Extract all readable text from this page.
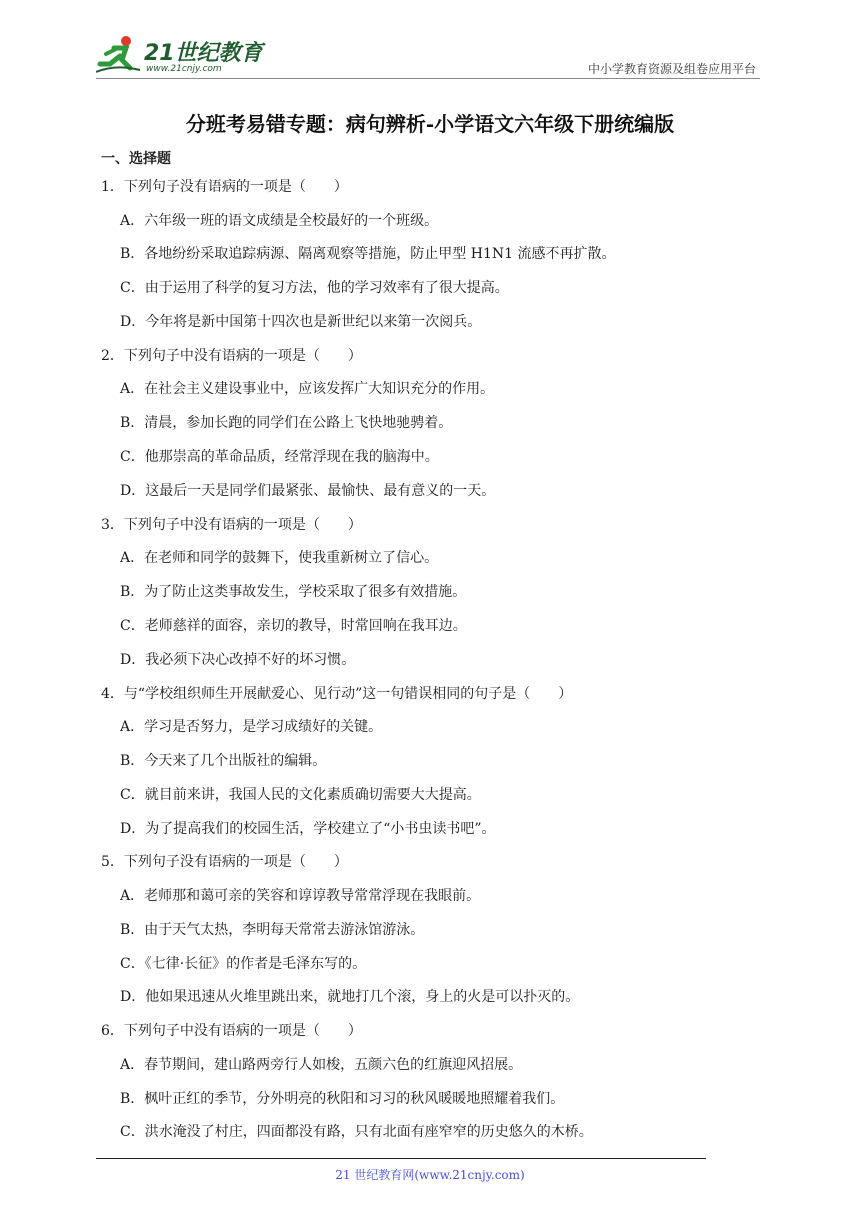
21世纪教育
www.21cnjy.com	中小学教育资源及组卷应用平台
分班考易错专题：病句辨析-小学语文六年级下册统编版
一、选择题
1．下列句子没有语病的一项是（　　）
A．六年级一班的语文成绩是全校最好的一个班级。
B．各地纷纷采取追踪病源、隔离观察等措施，防止甲型 H1N1 流感不再扩散。
C．由于运用了科学的复习方法，他的学习效率有了很大提高。
D．今年将是新中国第十四次也是新世纪以来第一次阅兵。
2．下列句子中没有语病的一项是（　　）
A．在社会主义建设事业中，应该发挥广大知识充分的作用。
B．清晨，参加长跑的同学们在公路上飞快地驰骋着。
C．他那崇高的革命品质，经常浮现在我的脑海中。
D．这最后一天是同学们最紧张、最愉快、最有意义的一天。
3．下列句子中没有语病的一项是（　　）
A．在老师和同学的鼓舞下，使我重新树立了信心。
B．为了防止这类事故发生，学校采取了很多有效措施。
C．老师慈祥的面容，亲切的教导，时常回响在我耳边。
D．我必须下决心改掉不好的坏习惯。
4．与“学校组织师生开展献爱心、见行动”这一句错误相同的句子是（　　）
A．学习是否努力，是学习成绩好的关键。
B．今天来了几个出版社的编辑。
C．就目前来讲，我国人民的文化素质确切需要大大提高。
D．为了提高我们的校园生活，学校建立了“小书虫读书吧”。
5．下列句子没有语病的一项是（　　）
A．老师那和蔼可亲的笑容和谆谆教导常常浮现在我眼前。
B．由于天气太热，李明每天常常去游泳馆游泳。
C．《七律·长征》的作者是毛泽东写的。
D．他如果迅速从火堆里跳出来，就地打几个滚，身上的火是可以扑灭的。
6．下列句子中没有语病的一项是（　　）
A．春节期间，建山路两旁行人如梭，五颜六色的红旗迎风招展。
B．枫叶正红的季节，分外明亮的秋阳和习习的秋风暖暖地照耀着我们。
C．洪水淹没了村庄，四面都没有路，只有北面有座窄窄的历史悠久的木桥。
21 世纪教育网(www.21cnjy.com)
